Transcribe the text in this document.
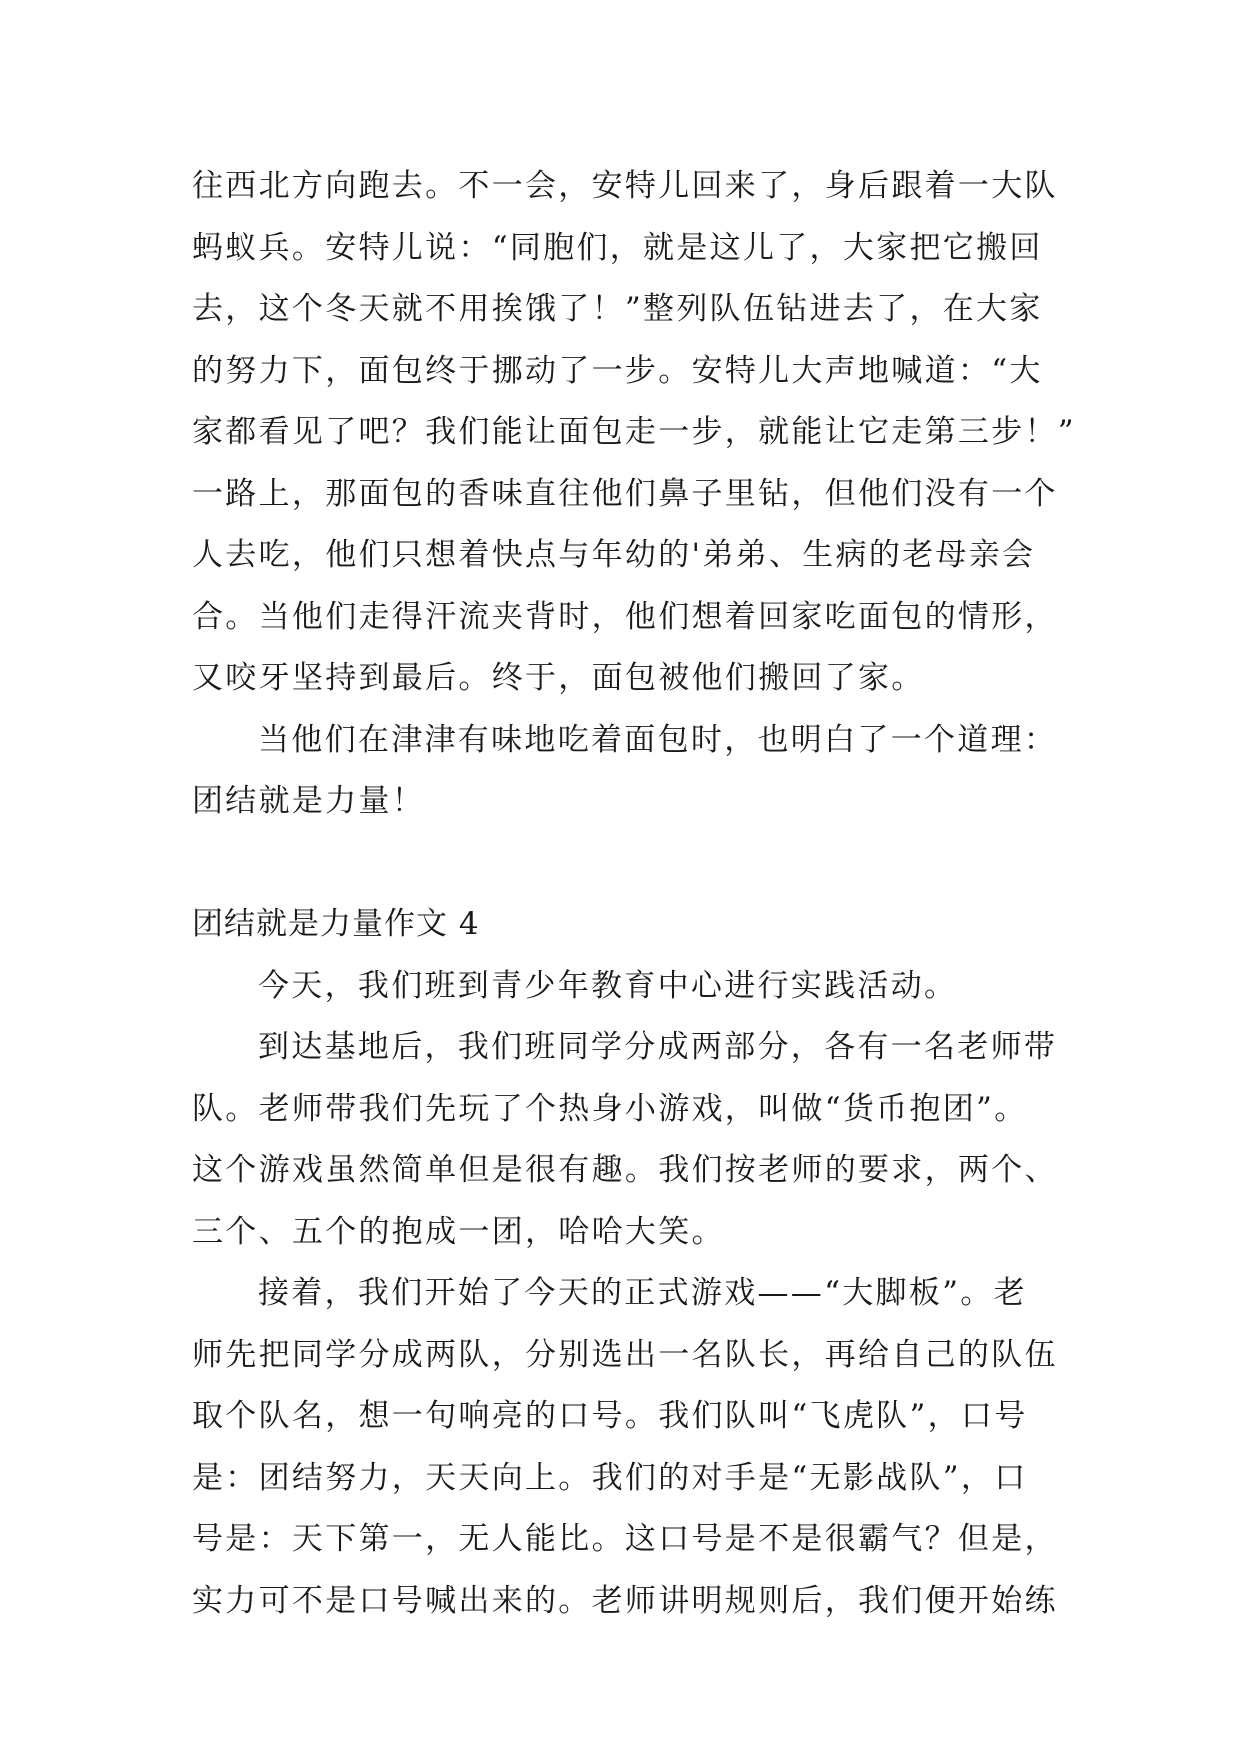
往西北方向跑去。不一会，安特儿回来了，身后跟着一大队
蚂蚁兵。安特儿说：“同胞们，就是这儿了，大家把它搬回
去，这个冬天就不用挨饿了！”整列队伍钻进去了，在大家
的努力下，面包终于挪动了一步。安特儿大声地喊道：“大
家都看见了吧？我们能让面包走一步，就能让它走第三步！”
一路上，那面包的香味直往他们鼻子里钻，但他们没有一个
人去吃，他们只想着快点与年幼的'弟弟、生病的老母亲会
合。当他们走得汗流夹背时，他们想着回家吃面包的情形，
又咬牙坚持到最后。终于，面包被他们搬回了家。
当他们在津津有味地吃着面包时，也明白了一个道理：
团结就是力量！
团结就是力量作文 4
今天，我们班到青少年教育中心进行实践活动。
到达基地后，我们班同学分成两部分，各有一名老师带
队。老师带我们先玩了个热身小游戏，叫做“货币抱团”。
这个游戏虽然简单但是很有趣。我们按老师的要求，两个、
三个、五个的抱成一团，哈哈大笑。
接着，我们开始了今天的正式游戏——“大脚板”。老
师先把同学分成两队，分别选出一名队长，再给自己的队伍
取个队名，想一句响亮的口号。我们队叫“飞虎队”，口号
是：团结努力，天天向上。我们的对手是“无影战队”，口
号是：天下第一，无人能比。这口号是不是很霸气？但是，
实力可不是口号喊出来的。老师讲明规则后，我们便开始练
